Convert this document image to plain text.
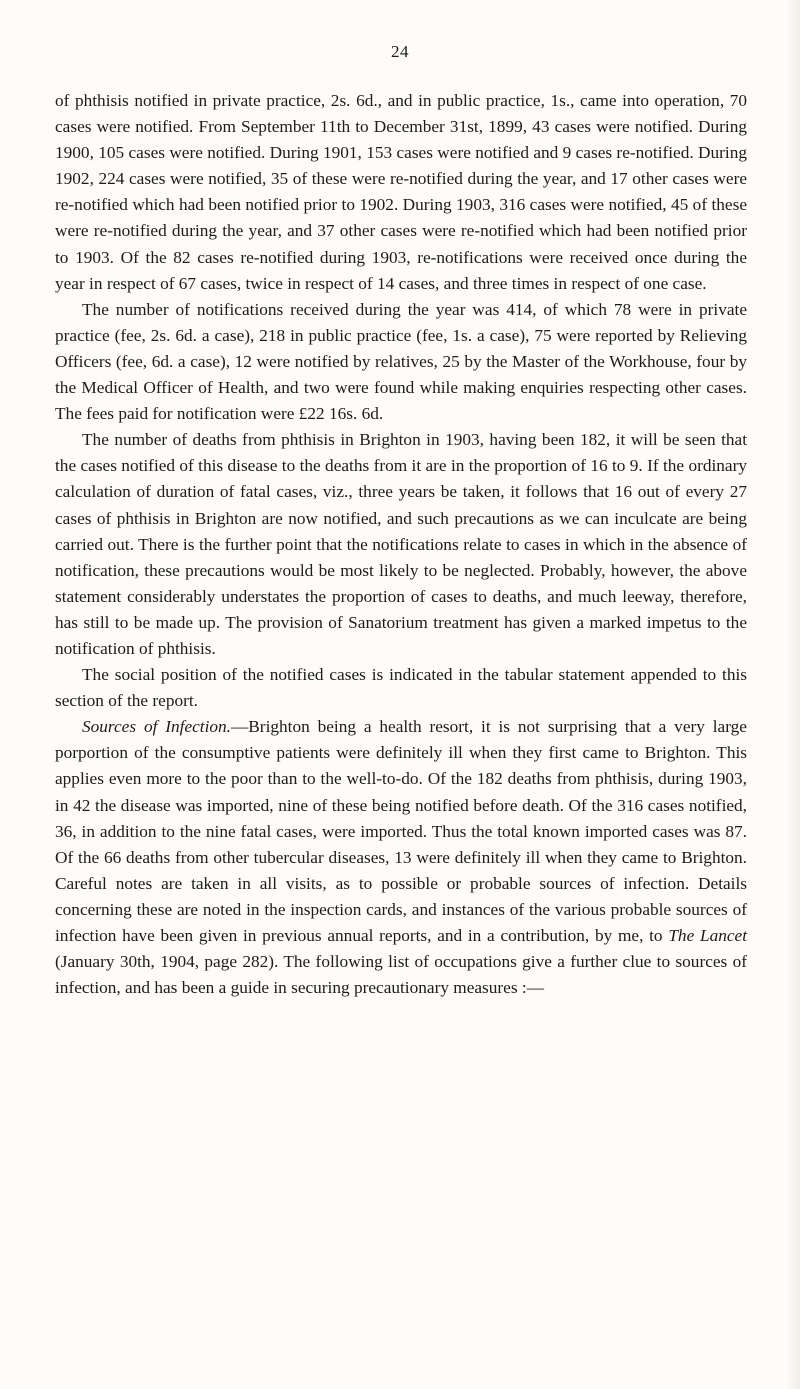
24

of phthisis notified in private practice, 2s. 6d., and in public practice, 1s., came into operation, 70 cases were notified. From September 11th to December 31st, 1899, 43 cases were notified. During 1900, 105 cases were notified. During 1901, 153 cases were notified and 9 cases re-notified. During 1902, 224 cases were notified, 35 of these were re-notified during the year, and 17 other cases were re-notified which had been notified prior to 1902. During 1903, 316 cases were notified, 45 of these were re-notified during the year, and 37 other cases were re-notified which had been notified prior to 1903. Of the 82 cases re-notified during 1903, re-notifications were received once during the year in respect of 67 cases, twice in respect of 14 cases, and three times in respect of one case.

The number of notifications received during the year was 414, of which 78 were in private practice (fee, 2s. 6d. a case), 218 in public practice (fee, 1s. a case), 75 were reported by Relieving Officers (fee, 6d. a case), 12 were notified by relatives, 25 by the Master of the Workhouse, four by the Medical Officer of Health, and two were found while making enquiries respecting other cases. The fees paid for notification were £22 16s. 6d.

The number of deaths from phthisis in Brighton in 1903, having been 182, it will be seen that the cases notified of this disease to the deaths from it are in the proportion of 16 to 9. If the ordinary calculation of duration of fatal cases, viz., three years be taken, it follows that 16 out of every 27 cases of phthisis in Brighton are now notified, and such precautions as we can inculcate are being carried out. There is the further point that the notifications relate to cases in which in the absence of notification, these precautions would be most likely to be neglected. Probably, however, the above statement considerably understates the proportion of cases to deaths, and much leeway, therefore, has still to be made up. The provision of Sanatorium treatment has given a marked impetus to the notification of phthisis.

The social position of the notified cases is indicated in the tabular statement appended to this section of the report.

Sources of Infection.—Brighton being a health resort, it is not surprising that a very large porportion of the consumptive patients were definitely ill when they first came to Brighton. This applies even more to the poor than to the well-to-do. Of the 182 deaths from phthisis, during 1903, in 42 the disease was imported, nine of these being notified before death. Of the 316 cases notified, 36, in addition to the nine fatal cases, were imported. Thus the total known imported cases was 87. Of the 66 deaths from other tubercular diseases, 13 were definitely ill when they came to Brighton. Careful notes are taken in all visits, as to possible or probable sources of infection. Details concerning these are noted in the inspection cards, and instances of the various probable sources of infection have been given in previous annual reports, and in a contribution, by me, to The Lancet (January 30th, 1904, page 282). The following list of occupations give a further clue to sources of infection, and has been a guide in securing precautionary measures :—
